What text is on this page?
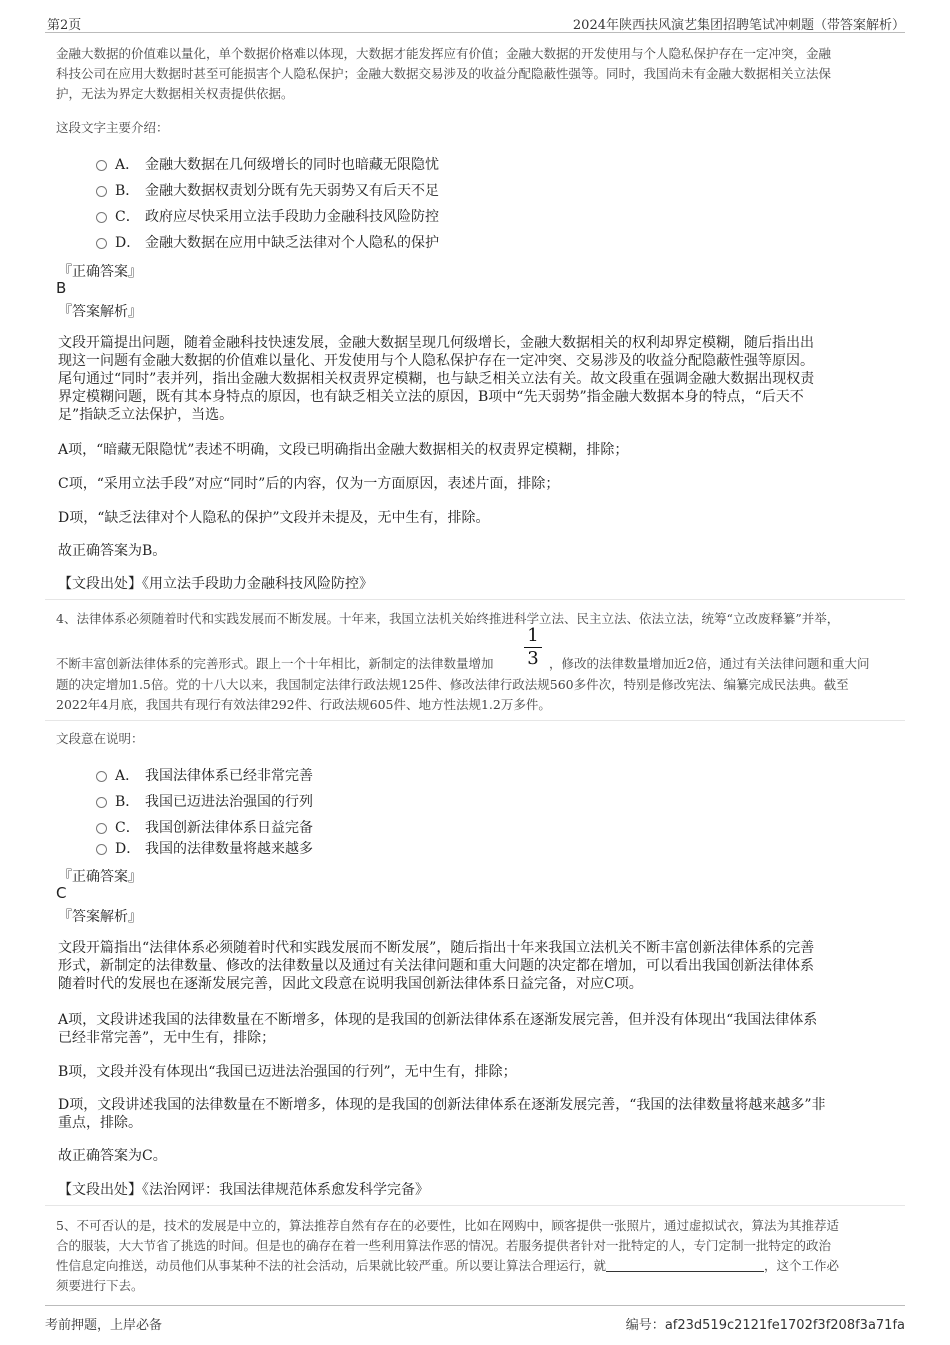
第2页	2024年陕西扶风演艺集团招聘笔试冲刺题（带答案解析）

金融大数据的价值难以量化，单个数据价格难以体现，大数据才能发挥应有价值；金融大数据的开发使用与个人隐私保护存在一定冲突，金融

科技公司在应用大数据时甚至可能损害个人隐私保护；金融大数据交易涉及的收益分配隐蔽性强等。同时，我国尚未有金融大数据相关立法保

护，无法为界定大数据相关权责提供依据。

这段文字主要介绍：

A． 金融大数据在几何级增长的同时也暗藏无限隐忧
B． 金融大数据权责划分既有先天弱势又有后天不足
C． 政府应尽快采用立法手段助力金融科技风险防控
D． 金融大数据在应用中缺乏法律对个人隐私的保护
『正确答案』
B
『答案解析』

文段开篇提出问题，随着金融科技快速发展，金融大数据呈现几何级增长，金融大数据相关的权利却界定模糊，随后指出出

现这一问题有金融大数据的价值难以量化、开发使用与个人隐私保护存在一定冲突、交易涉及的收益分配隐蔽性强等原因。

尾句通过“同时”表并列，指出金融大数据相关权责界定模糊，也与缺乏相关立法有关。故文段重在强调金融大数据出现权责

界定模糊问题，既有其本身特点的原因，也有缺乏相关立法的原因，B项中“先天弱势”指金融大数据本身的特点，“后天不

足”指缺乏立法保护，当选。

A项，“暗藏无限隐忧”表述不明确，文段已明确指出金融大数据相关的权责界定模糊，排除；

C项，“采用立法手段”对应“同时”后的内容，仅为一方面原因，表述片面，排除；

D项，“缺乏法律对个人隐私的保护”文段并未提及，无中生有，排除。

故正确答案为B。

【文段出处】《用立法手段助力金融科技风险防控》

4、法律体系必须随着时代和实践发展而不断发展。十年来，我国立法机关始终推进科学立法、民主立法、依法立法，统筹“立改废释纂”并举，

1
3

不断丰富创新法律体系的完善形式。跟上一个十年相比，新制定的法律数量增加	，修改的法律数量增加近2倍，通过有关法律问题和重大问

题的决定增加1.5倍。党的十八大以来，我国制定法律行政法规125件、修改法律行政法规560多件次，特别是修改宪法、编纂完成民法典。截至

2022年4月底，我国共有现行有效法律292件、行政法规605件、地方性法规1.2万多件。

文段意在说明：

A． 我国法律体系已经非常完善
B． 我国已迈进法治强国的行列
C． 我国创新法律体系日益完备
D． 我国的法律数量将越来越多
『正确答案』
C
『答案解析』

文段开篇指出“法律体系必须随着时代和实践发展而不断发展”，随后指出十年来我国立法机关不断丰富创新法律体系的完善

形式，新制定的法律数量、修改的法律数量以及通过有关法律问题和重大问题的决定都在增加，可以看出我国创新法律体系

随着时代的发展也在逐渐发展完善，因此文段意在说明我国创新法律体系日益完备，对应C项。

A项，文段讲述我国的法律数量在不断增多，体现的是我国的创新法律体系在逐渐发展完善，但并没有体现出“我国法律体系

已经非常完善”，无中生有，排除；

B项，文段并没有体现出“我国已迈进法治强国的行列”，无中生有，排除；

D项，文段讲述我国的法律数量在不断增多，体现的是我国的创新法律体系在逐渐发展完善，“我国的法律数量将越来越多”非

重点，排除。

故正确答案为C。

【文段出处】《法治网评：我国法律规范体系愈发科学完备》

5、不可否认的是，技术的发展是中立的，算法推荐自然有存在的必要性，比如在网购中，顾客提供一张照片，通过虚拟试衣，算法为其推荐适

合的服装，大大节省了挑选的时间。但是也的确存在着一些利用算法作恶的情况。若服务提供者针对一批特定的人，专门定制一批特定的政治

性信息定向推送，动员他们从事某种不法的社会活动，后果就比较严重。所以要让算法合理运行，就	，这个工作必

须要进行下去。

考前押题，上岸必备	编号：af23d519c2121fe1702f3f208f3a71fa
